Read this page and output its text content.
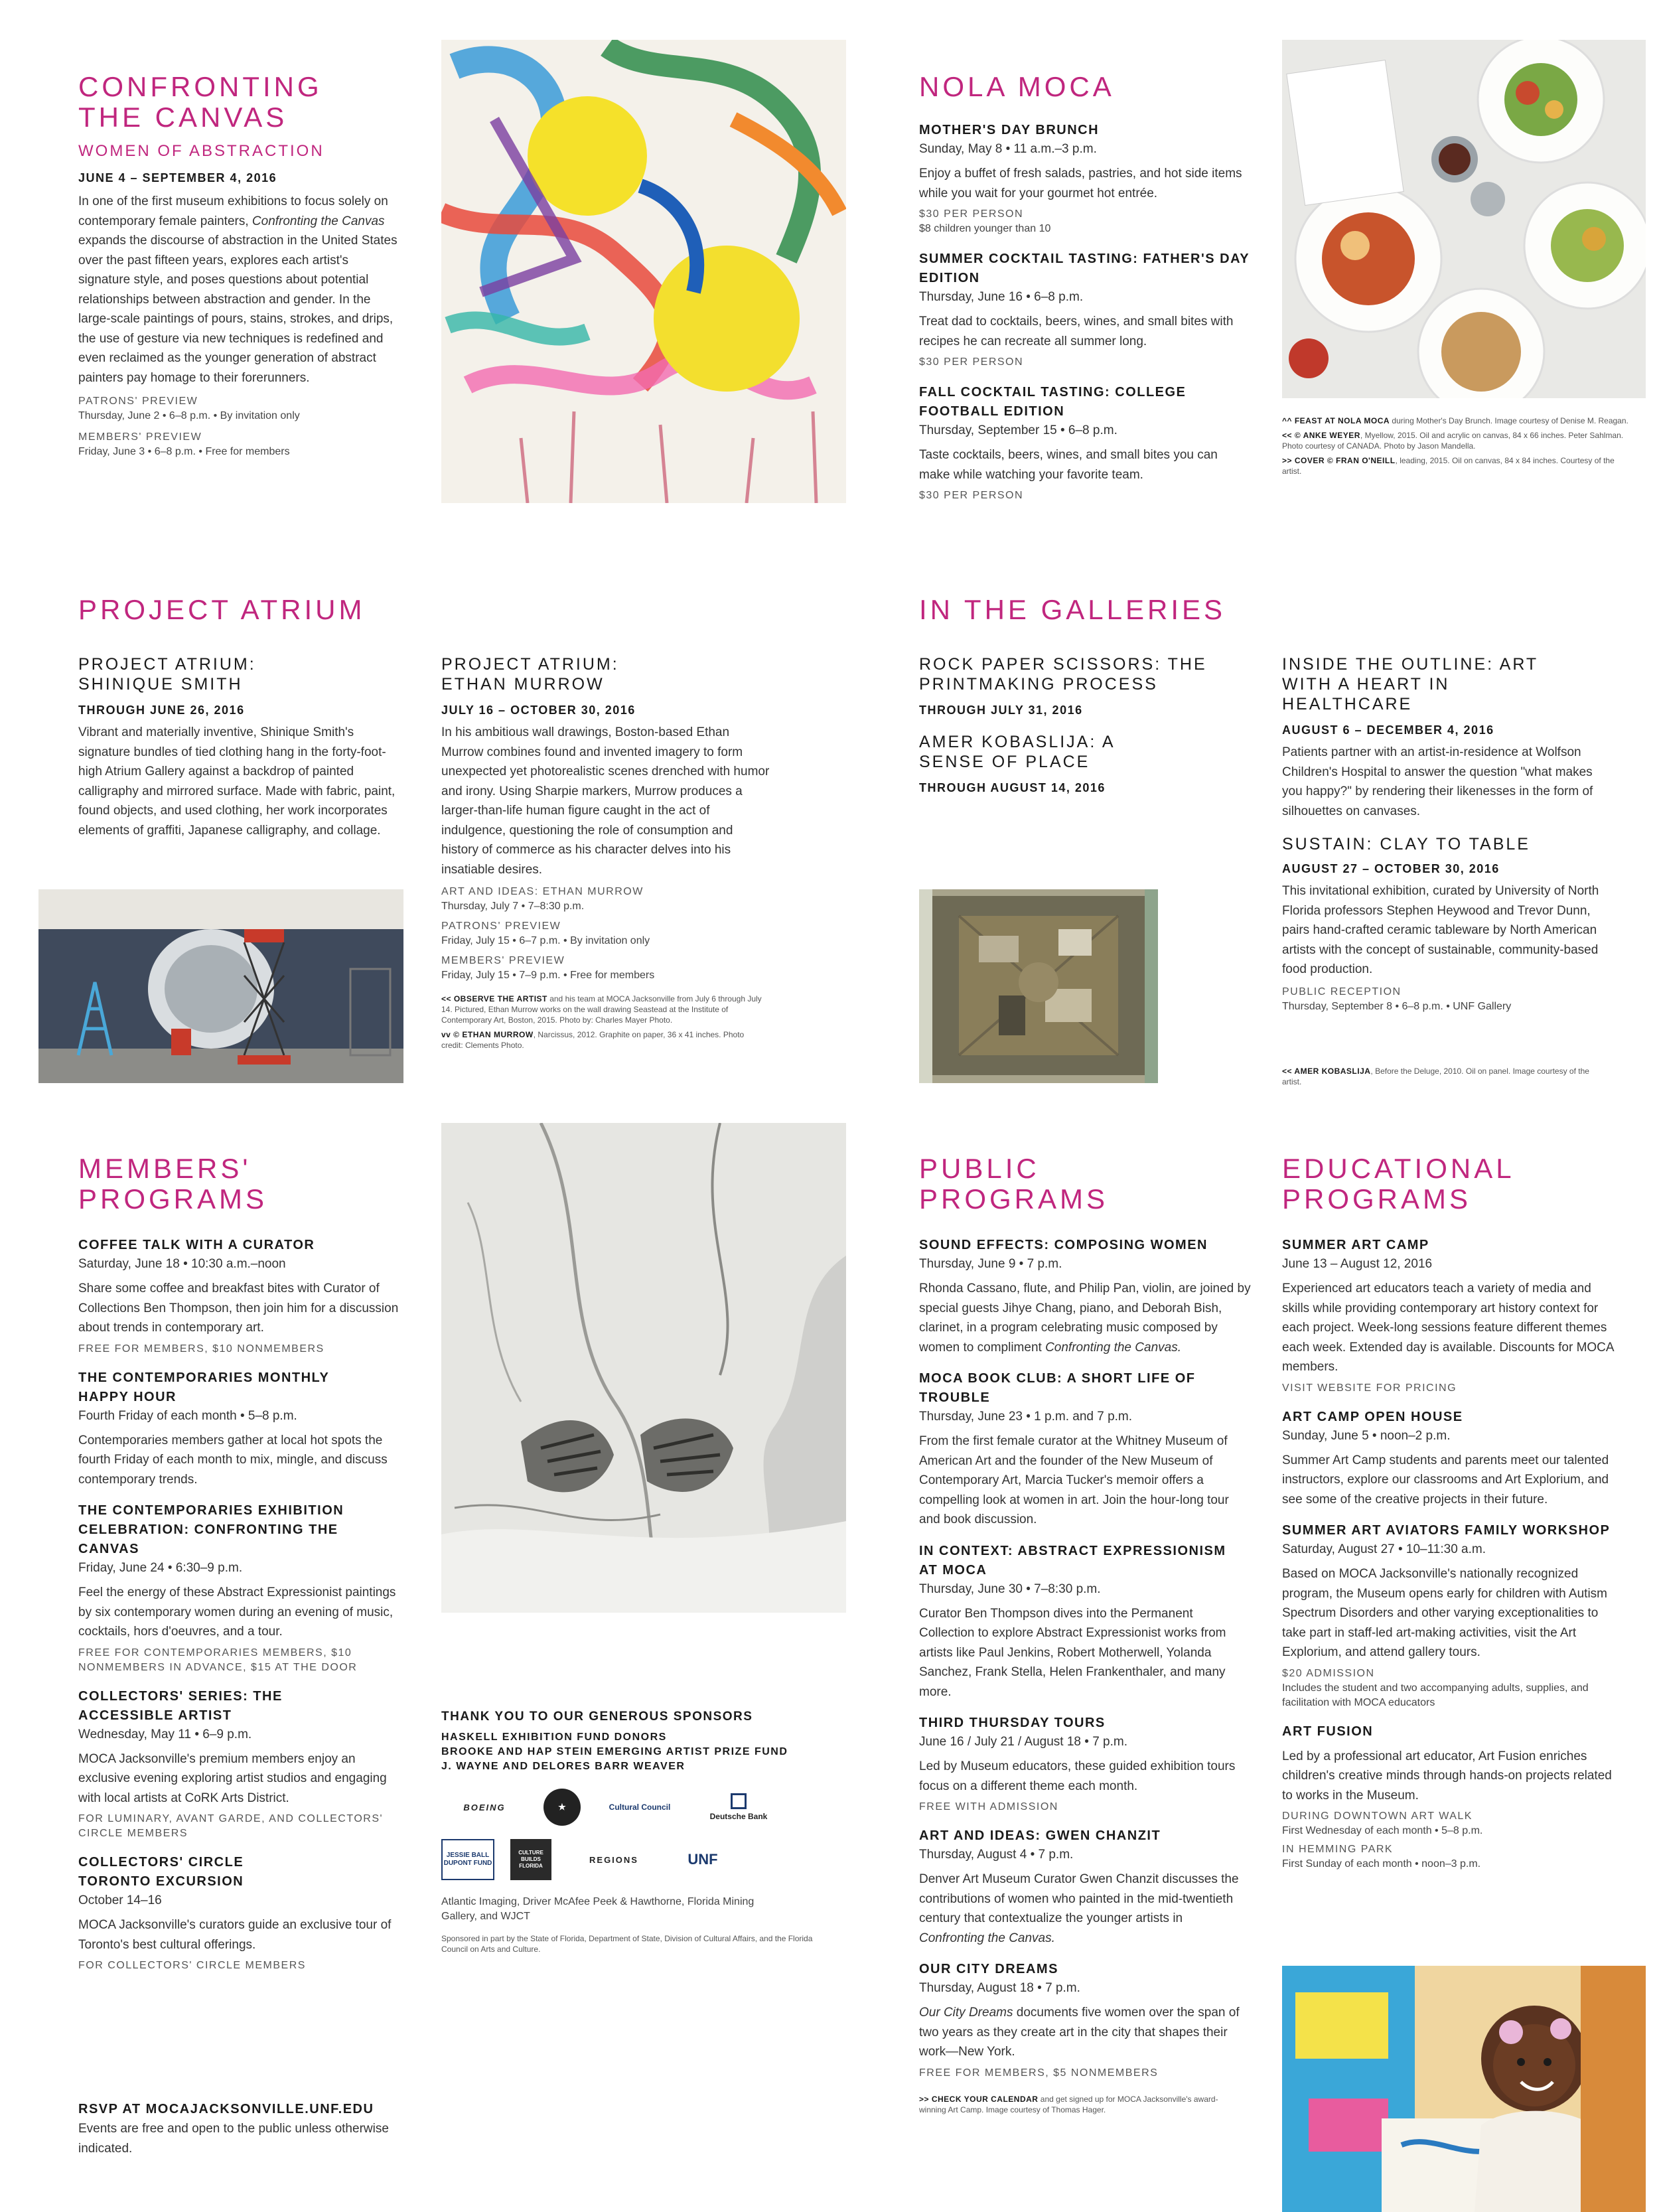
CONFRONTING THE CANVAS
WOMEN OF ABSTRACTION
JUNE 4 – SEPTEMBER 4, 2016
In one of the first museum exhibitions to focus solely on contemporary female painters, Confronting the Canvas expands the discourse of abstraction in the United States over the past fifteen years, explores each artist's signature style, and poses questions about potential relationships between abstraction and gender. In the large-scale paintings of pours, stains, strokes, and drips, the use of gesture via new techniques is redefined and even reclaimed as the younger generation of abstract painters pay homage to their forerunners.
PATRONS' PREVIEW
Thursday, June 2 • 6–8 p.m. • By invitation only
MEMBERS' PREVIEW
Friday, June 3 • 6–8 p.m. • Free for members
NOLA MOCA
MOTHER'S DAY BRUNCH
Sunday, May 8 • 11 a.m.–3 p.m.
Enjoy a buffet of fresh salads, pastries, and hot side items while you wait for your gourmet hot entrée.
$30 PER PERSON
$8 children younger than 10
SUMMER COCKTAIL TASTING: FATHER'S DAY EDITION
Thursday, June 16 • 6–8 p.m.
Treat dad to cocktails, beers, wines, and small bites with recipes he can recreate all summer long.
$30 PER PERSON
FALL COCKTAIL TASTING: COLLEGE FOOTBALL EDITION
Thursday, September 15 • 6–8 p.m.
Taste cocktails, beers, wines, and small bites you can make while watching your favorite team.
$30 PER PERSON
^^ FEAST AT NOLA MOCA during Mother's Day Brunch. Image courtesy of Denise M. Reagan.
<< © ANKE WEYER, Myellow, 2015. Oil and acrylic on canvas, 84 x 66 inches. Peter Sahlman. Photo courtesy of CANADA. Photo by Jason Mandella.
>> COVER © FRAN O'NEILL, leading, 2015. Oil on canvas, 84 x 84 inches. Courtesy of the artist.
PROJECT ATRIUM
PROJECT ATRIUM: SHINIQUE SMITH
THROUGH JUNE 26, 2016
Vibrant and materially inventive, Shinique Smith's signature bundles of tied clothing hang in the forty-foot-high Atrium Gallery against a backdrop of painted calligraphy and mirrored surface. Made with fabric, paint, found objects, and used clothing, her work incorporates elements of graffiti, Japanese calligraphy, and collage.
PROJECT ATRIUM: ETHAN MURROW
JULY 16 – OCTOBER 30, 2016
In his ambitious wall drawings, Boston-based Ethan Murrow combines found and invented imagery to form unexpected yet photorealistic scenes drenched with humor and irony. Using Sharpie markers, Murrow produces a larger-than-life human figure caught in the act of indulgence, questioning the role of consumption and history of commerce as his character delves into his insatiable desires.
ART AND IDEAS: ETHAN MURROW
Thursday, July 7 • 7–8:30 p.m.
PATRONS' PREVIEW
Friday, July 15 • 6–7 p.m. • By invitation only
MEMBERS' PREVIEW
Friday, July 15 • 7–9 p.m. • Free for members
<< OBSERVE THE ARTIST and his team at MOCA Jacksonville from July 6 through July 14. Pictured, Ethan Murrow works on the wall drawing Seastead at the Institute of Contemporary Art, Boston, 2015. Photo by: Charles Mayer Photo.
vv © ETHAN MURROW, Narcissus, 2012. Graphite on paper, 36 x 41 inches. Photo credit: Clements Photo.
IN THE GALLERIES
ROCK PAPER SCISSORS: THE PRINTMAKING PROCESS
THROUGH JULY 31, 2016
AMER KOBASLIJA: A SENSE OF PLACE
THROUGH AUGUST 14, 2016
<< AMER KOBASLIJA, Before the Deluge, 2010. Oil on panel. Image courtesy of the artist.
INSIDE THE OUTLINE: ART WITH A HEART IN HEALTHCARE
AUGUST 6 – DECEMBER 4, 2016
Patients partner with an artist-in-residence at Wolfson Children's Hospital to answer the question "what makes you happy?" by rendering their likenesses in the form of silhouettes on canvases.
SUSTAIN: CLAY TO TABLE
AUGUST 27 – OCTOBER 30, 2016
This invitational exhibition, curated by University of North Florida professors Stephen Heywood and Trevor Dunn, pairs hand-crafted ceramic tableware by North American artists with the concept of sustainable, community-based food production.
PUBLIC RECEPTION
Thursday, September 8 • 6–8 p.m. • UNF Gallery
MEMBERS' PROGRAMS
COFFEE TALK WITH A CURATOR
Saturday, June 18 • 10:30 a.m.–noon
Share some coffee and breakfast bites with Curator of Collections Ben Thompson, then join him for a discussion about trends in contemporary art.
FREE FOR MEMBERS, $10 NONMEMBERS
THE CONTEMPORARIES MONTHLY HAPPY HOUR
Fourth Friday of each month • 5–8 p.m.
Contemporaries members gather at local hot spots the fourth Friday of each month to mix, mingle, and discuss contemporary trends.
THE CONTEMPORARIES EXHIBITION CELEBRATION: CONFRONTING THE CANVAS
Friday, June 24 • 6:30–9 p.m.
Feel the energy of these Abstract Expressionist paintings by six contemporary women during an evening of music, cocktails, hors d'oeuvres, and a tour.
FREE FOR CONTEMPORARIES MEMBERS, $10 NONMEMBERS IN ADVANCE, $15 AT THE DOOR
COLLECTORS' SERIES: THE ACCESSIBLE ARTIST
Wednesday, May 11 • 6–9 p.m.
MOCA Jacksonville's premium members enjoy an exclusive evening exploring artist studios and engaging with local artists at CoRK Arts District.
FOR LUMINARY, AVANT GARDE, AND COLLECTORS' CIRCLE MEMBERS
COLLECTORS' CIRCLE TORONTO EXCURSION
October 14–16
MOCA Jacksonville's curators guide an exclusive tour of Toronto's best cultural offerings.
FOR COLLECTORS' CIRCLE MEMBERS
RSVP AT MOCAJACKSONVILLE.UNF.EDU
Events are free and open to the public unless otherwise indicated.
THANK YOU TO OUR GENEROUS SPONSORS
HASKELL EXHIBITION FUND DONORS
BROOKE AND HAP STEIN EMERGING ARTIST PRIZE FUND
J. WAYNE AND DELORES BARR WEAVER
BOEING	★	Cultural Council
Deutsche Bank
JESSIE BALL DUPONT FUND
CULTURE BUILDS FLORIDA
REGIONS	UNF
Atlantic Imaging, Driver McAfee Peek & Hawthorne, Florida Mining Gallery, and WJCT
Sponsored in part by the State of Florida, Department of State, Division of Cultural Affairs, and the Florida Council on Arts and Culture.
PUBLIC PROGRAMS
SOUND EFFECTS: COMPOSING WOMEN
Thursday, June 9 • 7 p.m.
Rhonda Cassano, flute, and Philip Pan, violin, are joined by special guests Jihye Chang, piano, and Deborah Bish, clarinet, in a program celebrating music composed by women to compliment Confronting the Canvas.
MOCA BOOK CLUB: A SHORT LIFE OF TROUBLE
Thursday, June 23 • 1 p.m. and 7 p.m.
From the first female curator at the Whitney Museum of American Art and the founder of the New Museum of Contemporary Art, Marcia Tucker's memoir offers a compelling look at women in art. Join the hour-long tour and book discussion.
IN CONTEXT: ABSTRACT EXPRESSIONISM AT MOCA
Thursday, June 30 • 7–8:30 p.m.
Curator Ben Thompson dives into the Permanent Collection to explore Abstract Expressionist works from artists like Paul Jenkins, Robert Motherwell, Yolanda Sanchez, Frank Stella, Helen Frankenthaler, and many more.
THIRD THURSDAY TOURS
June 16 / July 21 / August 18 • 7 p.m.
Led by Museum educators, these guided exhibition tours focus on a different theme each month.
FREE WITH ADMISSION
ART AND IDEAS: GWEN CHANZIT
Thursday, August 4 • 7 p.m.
Denver Art Museum Curator Gwen Chanzit discusses the contributions of women who painted in the mid-twentieth century that contextualize the younger artists in Confronting the Canvas.
OUR CITY DREAMS
Thursday, August 18 • 7 p.m.
Our City Dreams documents five women over the span of two years as they create art in the city that shapes their work—New York.
FREE FOR MEMBERS, $5 NONMEMBERS
>> CHECK YOUR CALENDAR and get signed up for MOCA Jacksonville's award-winning Art Camp. Image courtesy of Thomas Hager.
EDUCATIONAL PROGRAMS
SUMMER ART CAMP
June 13 – August 12, 2016
Experienced art educators teach a variety of media and skills while providing contemporary art history context for each project. Week-long sessions feature different themes each week. Extended day is available. Discounts for MOCA members.
VISIT WEBSITE FOR PRICING
ART CAMP OPEN HOUSE
Sunday, June 5 • noon–2 p.m.
Summer Art Camp students and parents meet our talented instructors, explore our classrooms and Art Explorium, and see some of the creative projects in their future.
SUMMER ART AVIATORS FAMILY WORKSHOP
Saturday, August 27 • 10–11:30 a.m.
Based on MOCA Jacksonville's nationally recognized program, the Museum opens early for children with Autism Spectrum Disorders and other varying exceptionalities to take part in staff-led art-making activities, visit the Art Explorium, and attend gallery tours.
$20 ADMISSION
Includes the student and two accompanying adults, supplies, and facilitation with MOCA educators
ART FUSION
Led by a professional art educator, Art Fusion enriches children's creative minds through hands-on projects related to works in the Museum.
DURING DOWNTOWN ART WALK
First Wednesday of each month • 5–8 p.m.
IN HEMMING PARK
First Sunday of each month • noon–3 p.m.
